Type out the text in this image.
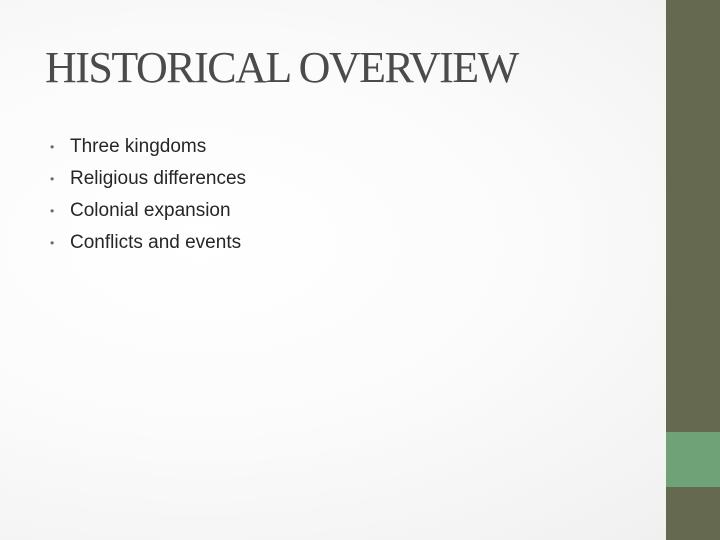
HISTORICAL OVERVIEW
• Three kingdoms
• Religious differences
• Colonial expansion
• Conflicts and events
